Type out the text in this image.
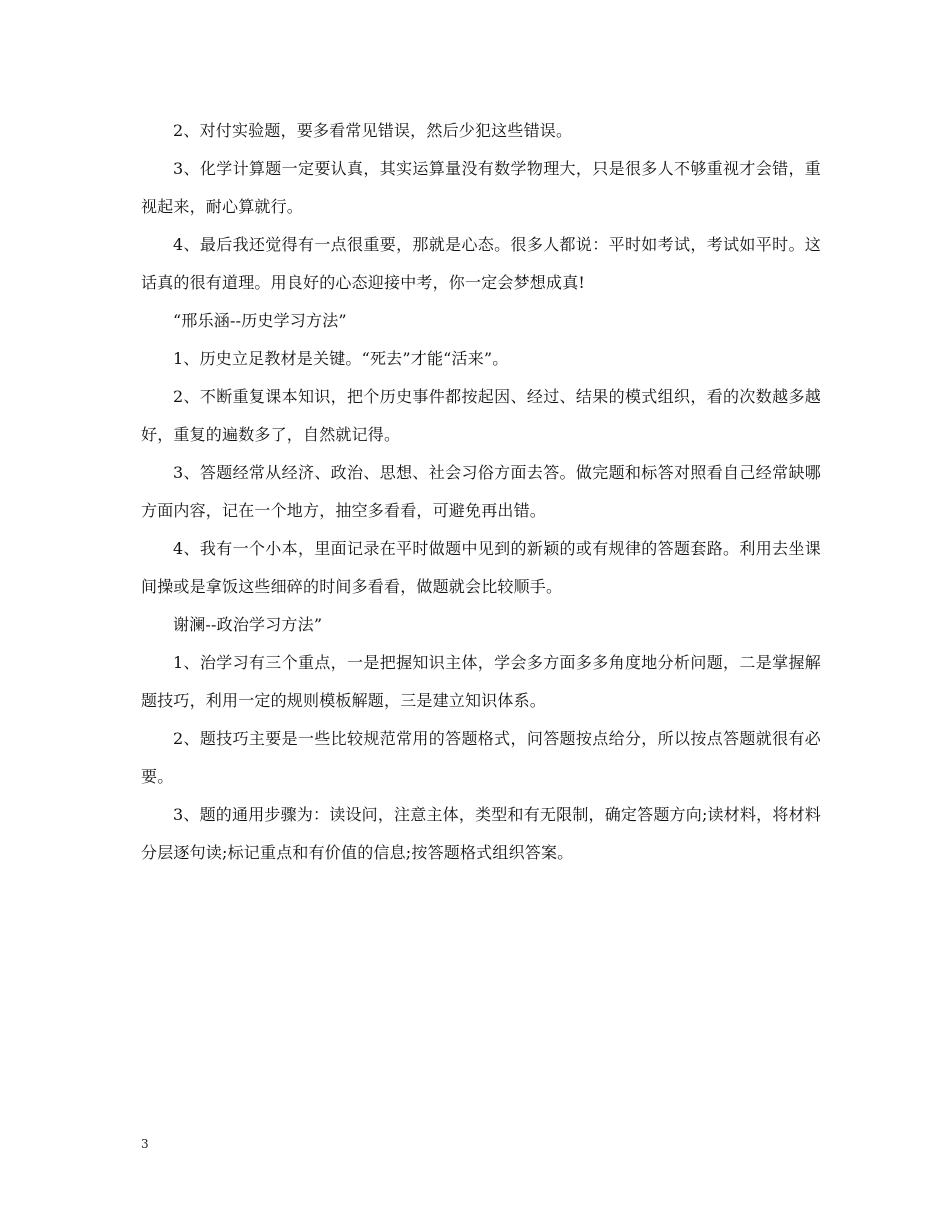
2、对付实验题，要多看常见错误，然后少犯这些错误。

3、化学计算题一定要认真，其实运算量没有数学物理大，只是很多人不够重视才会错，重视起来，耐心算就行。

4、最后我还觉得有一点很重要，那就是心态。很多人都说：平时如考试，考试如平时。这话真的很有道理。用良好的心态迎接中考，你一定会梦想成真!

“邢乐涵--历史学习方法”

1、历史立足教材是关键。“死去”才能“活来”。

2、不断重复课本知识，把个历史事件都按起因、经过、结果的模式组织，看的次数越多越好，重复的遍数多了，自然就记得。

3、答题经常从经济、政治、思想、社会习俗方面去答。做完题和标答对照看自己经常缺哪方面内容，记在一个地方，抽空多看看，可避免再出错。

4、我有一个小本，里面记录在平时做题中见到的新颖的或有规律的答题套路。利用去坐课间操或是拿饭这些细碎的时间多看看，做题就会比较顺手。

谢澜--政治学习方法”

1、治学习有三个重点，一是把握知识主体，学会多方面多多角度地分析问题，二是掌握解题技巧，利用一定的规则模板解题，三是建立知识体系。

2、题技巧主要是一些比较规范常用的答题格式，问答题按点给分，所以按点答题就很有必要。

3、题的通用步骤为：读设问，注意主体，类型和有无限制，确定答题方向;读材料，将材料分层逐句读;标记重点和有价值的信息;按答题格式组织答案。

3
